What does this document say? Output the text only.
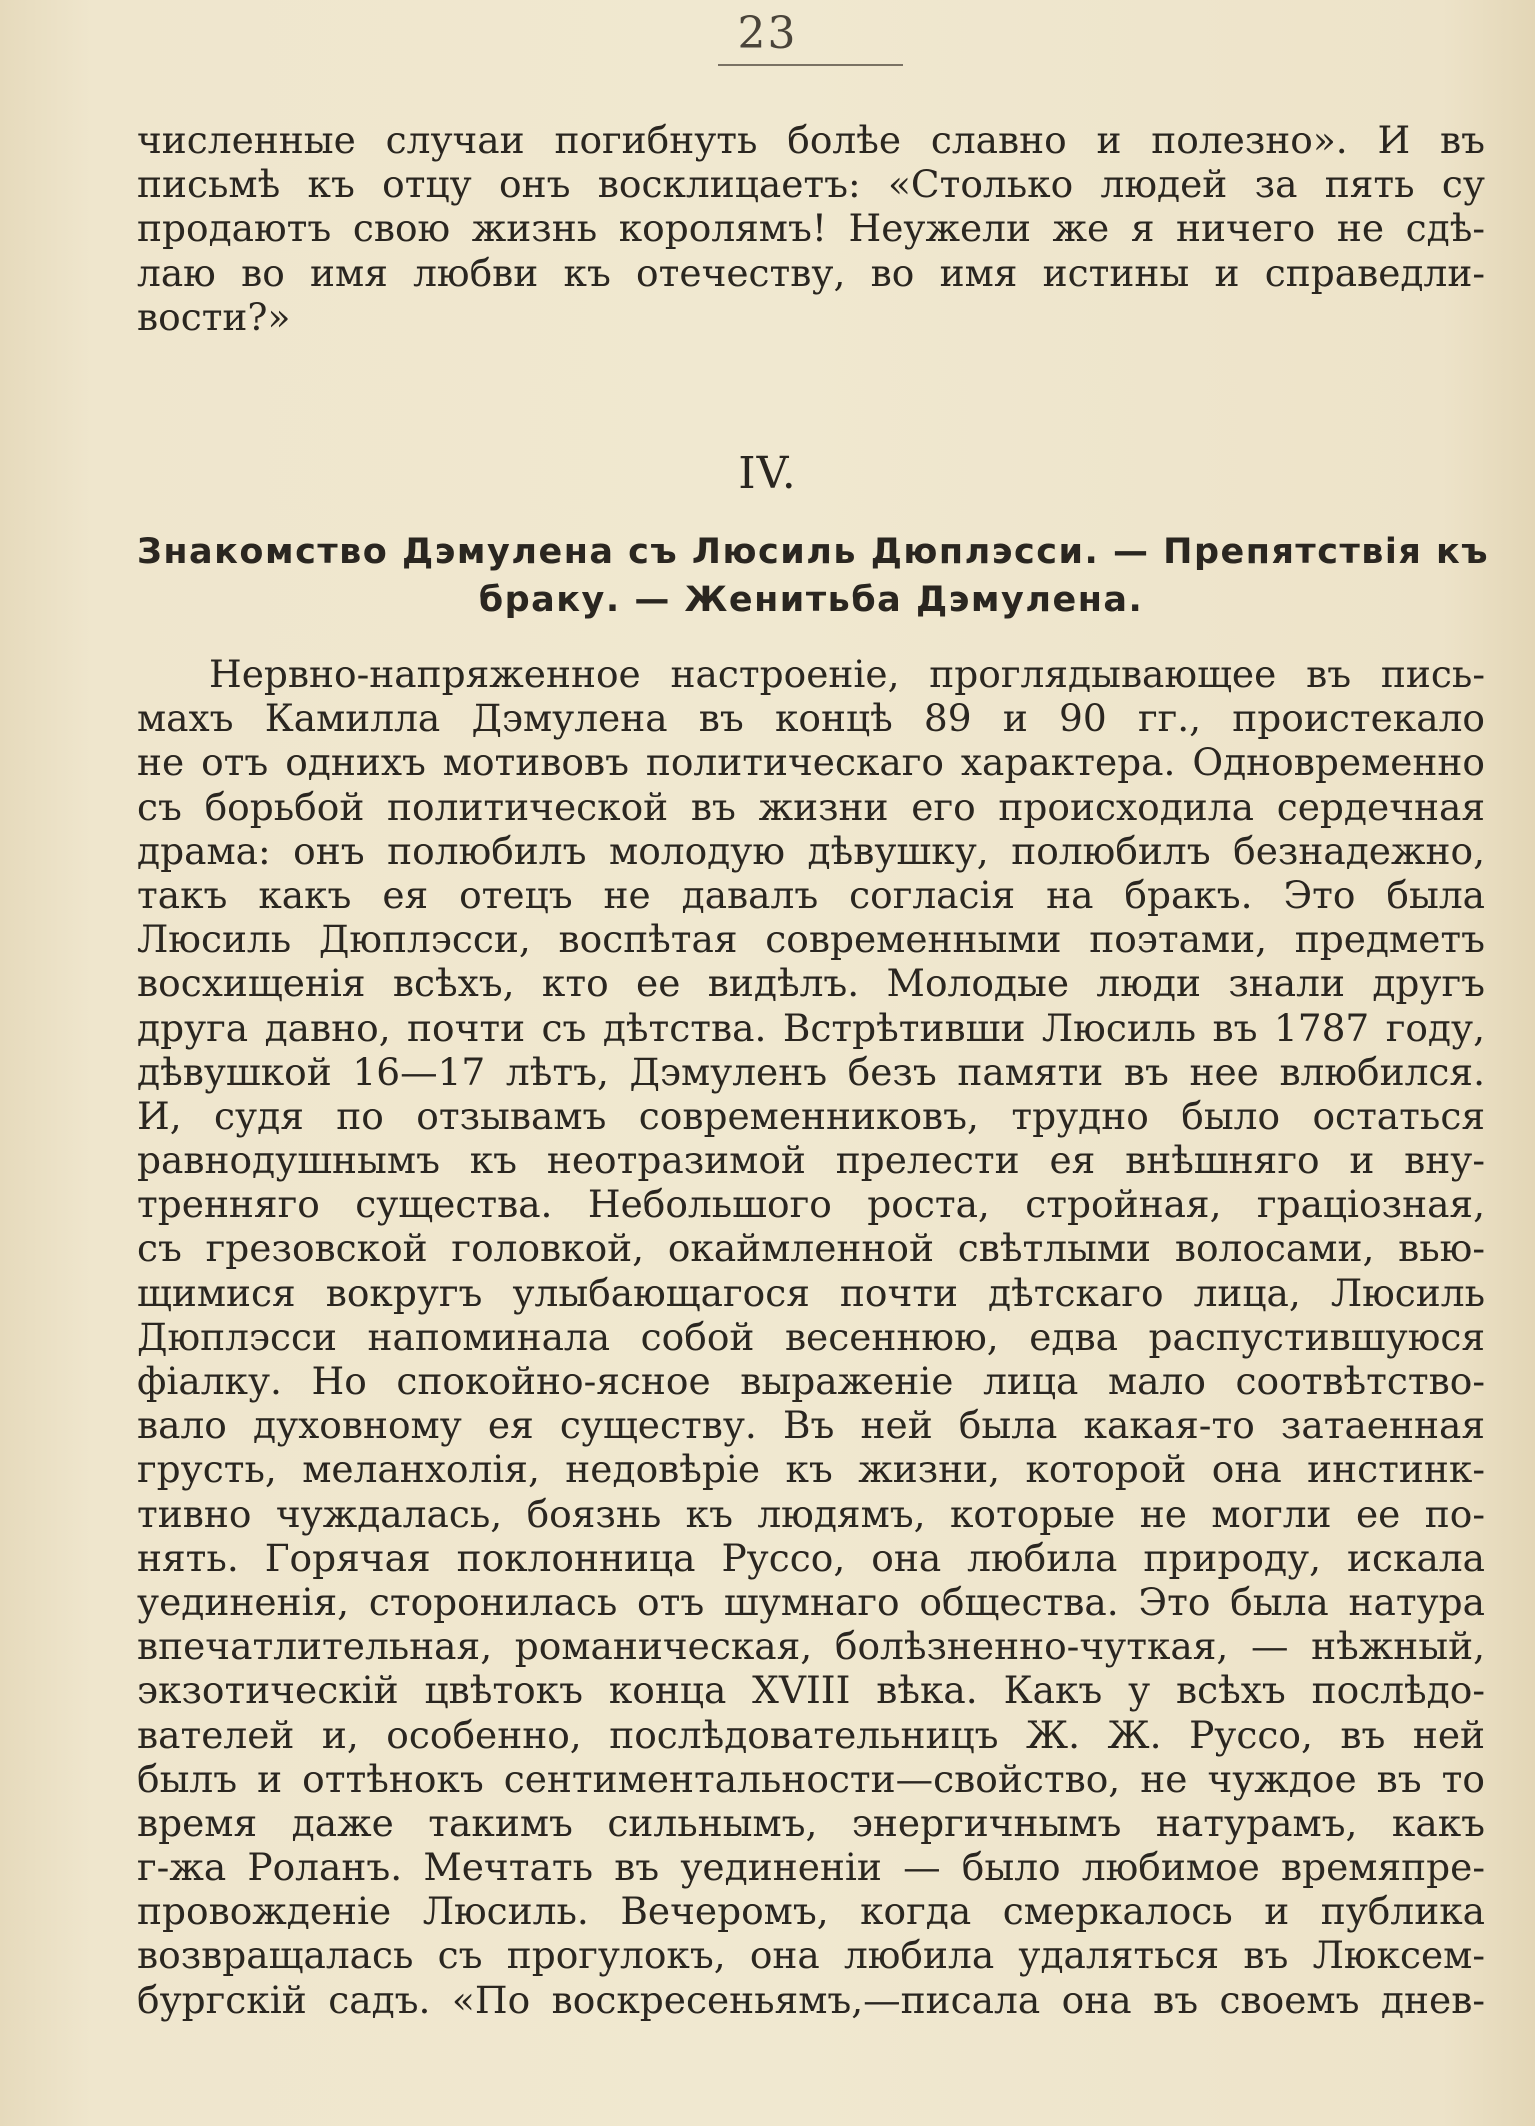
23
численные случаи погибнуть болѣе славно и полезно». И въ
письмѣ къ отцу онъ восклицаетъ: «Столько людей за пять су
продаютъ свою жизнь королямъ! Неужели же я ничего не сдѣ-
лаю во имя любви къ отечеству, во имя истины и справедли-
вости?»
IV.
Знакомство Дэмулена съ Люсиль Дюплэсси. — Препятствія къ
браку. — Женитьба Дэмулена.
Нервно-напряженное настроеніе, проглядывающее въ пись-
махъ Камилла Дэмулена въ концѣ 89 и 90 гг., проистекало
не отъ однихъ мотивовъ политическаго характера. Одновременно
съ борьбой политической въ жизни его происходила сердечная
драма: онъ полюбилъ молодую дѣвушку, полюбилъ безнадежно,
такъ какъ ея отецъ не давалъ согласія на бракъ. Это была
Люсиль Дюплэсси, воспѣтая современными поэтами, предметъ
восхищенія всѣхъ, кто ее видѣлъ. Молодые люди знали другъ
друга давно, почти съ дѣтства. Встрѣтивши Люсиль въ 1787 году,
дѣвушкой 16—17 лѣтъ, Дэмуленъ безъ памяти въ нее влюбился.
И, судя по отзывамъ современниковъ, трудно было остаться
равнодушнымъ къ неотразимой прелести ея внѣшняго и вну-
тренняго существа. Небольшого роста, стройная, граціозная,
съ грезовской головкой, окаймленной свѣтлыми волосами, вью-
щимися вокругъ улыбающагося почти дѣтскаго лица, Люсиль
Дюплэсси напоминала собой весеннюю, едва распустившуюся
фіалку. Но спокойно-ясное выраженіе лица мало соотвѣтство-
вало духовному ея существу. Въ ней была какая-то затаенная
грусть, меланхолія, недовѣріе къ жизни, которой она инстинк-
тивно чуждалась, боязнь къ людямъ, которые не могли ее по-
нять. Горячая поклонница Руссо, она любила природу, искала
уединенія, сторонилась отъ шумнаго общества. Это была натура
впечатлительная, романическая, болѣзненно-чуткая, — нѣжный,
экзотическій цвѣтокъ конца XVIII вѣка. Какъ у всѣхъ послѣдо-
вателей и, особенно, послѣдовательницъ Ж. Ж. Руссо, въ ней
былъ и оттѣнокъ сентиментальности—свойство, не чуждое въ то
время даже такимъ сильнымъ, энергичнымъ натурамъ, какъ
г-жа Роланъ. Мечтать въ уединеніи — было любимое времяпре-
провожденіе Люсиль. Вечеромъ, когда смеркалось и публика
возвращалась съ прогулокъ, она любила удаляться въ Люксем-
бургскій садъ. «По воскресеньямъ,—писала она въ своемъ днев-
